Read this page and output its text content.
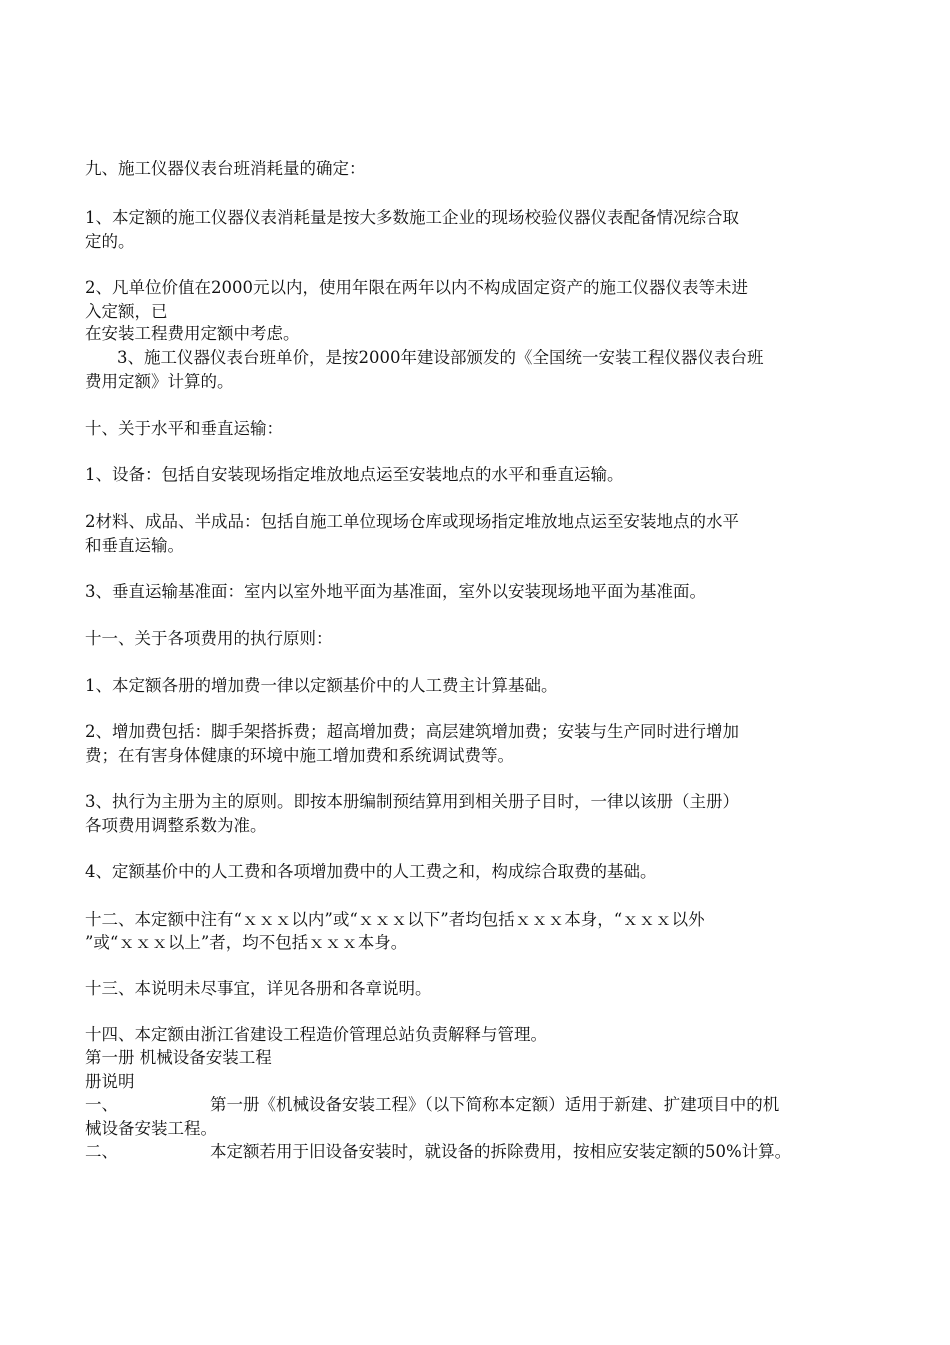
九、施工仪器仪表台班消耗量的确定：
1、本定额的施工仪器仪表消耗量是按大多数施工企业的现场校验仪器仪表配备情况综合取
定的。
2、凡单位价值在2000元以内，使用年限在两年以内不构成固定资产的施工仪器仪表等未进
入定额，已
在安装工程费用定额中考虑。
3、施工仪器仪表台班单价，是按2000年建设部颁发的《全国统一安装工程仪器仪表台班
费用定额》计算的。
十、关于水平和垂直运输：
1、设备：包括自安装现场指定堆放地点运至安装地点的水平和垂直运输。
2材料、成品、半成品：包括自施工单位现场仓库或现场指定堆放地点运至安装地点的水平
和垂直运输。
3、垂直运输基准面：室内以室外地平面为基准面，室外以安装现场地平面为基准面。
十一、关于各项费用的执行原则：
1、本定额各册的增加费一律以定额基价中的人工费主计算基础。
2、增加费包括：脚手架搭拆费；超高增加费；高层建筑增加费；安装与生产同时进行增加
费；在有害身体健康的环境中施工增加费和系统调试费等。
3、执行为主册为主的原则。即按本册编制预结算用到相关册子目时，一律以该册（主册）
各项费用调整系数为准。
4、定额基价中的人工费和各项增加费中的人工费之和，构成综合取费的基础。
十二、本定额中注有“ｘｘｘ以内”或“ｘｘｘ以下”者均包括ｘｘｘ本身，“ｘｘｘ以外
”或“ｘｘｘ以上”者，均不包括ｘｘｘ本身。
十三、本说明未尽事宜，详见各册和各章说明。
十四、本定额由浙江省建设工程造价管理总站负责解释与管理。
第一册 机械设备安装工程
册说明
一、	第一册《机械设备安装工程》（以下简称本定额）适用于新建、扩建项目中的机
械设备安装工程。
二、	本定额若用于旧设备安装时，就设备的拆除费用，按相应安装定额的50%计算。
